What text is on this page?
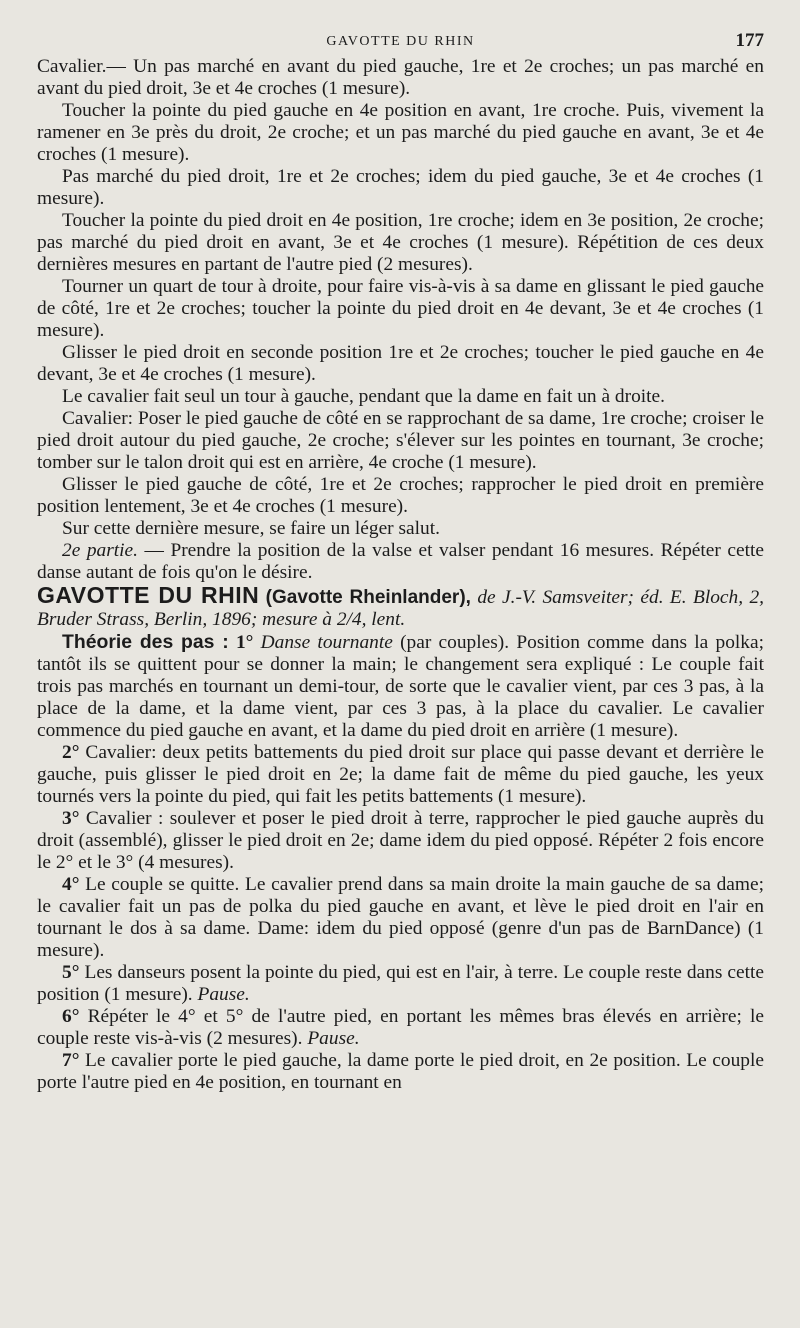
GAVOTTE DU RHIN	177

Cavalier.— Un pas marché en avant du pied gauche, 1re et 2e croches; un pas marché en avant du pied droit, 3e et 4e croches (1 mesure).

Toucher la pointe du pied gauche en 4e position en avant, 1re croche. Puis, vivement la ramener en 3e près du droit, 2e croche; et un pas marché du pied gauche en avant, 3e et 4e croches (1 mesure).

Pas marché du pied droit, 1re et 2e croches; idem du pied gauche, 3e et 4e croches (1 mesure).

Toucher la pointe du pied droit en 4e position, 1re croche; idem en 3e position, 2e croche; pas marché du pied droit en avant, 3e et 4e croches (1 mesure). Répétition de ces deux dernières mesures en partant de l'autre pied (2 mesures).

Tourner un quart de tour à droite, pour faire vis-à-vis à sa dame en glissant le pied gauche de côté, 1re et 2e croches; toucher la pointe du pied droit en 4e devant, 3e et 4e croches (1 mesure).

Glisser le pied droit en seconde position 1re et 2e croches; toucher le pied gauche en 4e devant, 3e et 4e croches (1 mesure).

Le cavalier fait seul un tour à gauche, pendant que la dame en fait un à droite.

Cavalier: Poser le pied gauche de côté en se rapprochant de sa dame, 1re croche; croiser le pied droit autour du pied gauche, 2e croche; s'élever sur les pointes en tournant, 3e croche; tomber sur le talon droit qui est en arrière, 4e croche (1 mesure).

Glisser le pied gauche de côté, 1re et 2e croches; rapprocher le pied droit en première position lentement, 3e et 4e croches (1 mesure).

Sur cette dernière mesure, se faire un léger salut.

2e partie. — Prendre la position de la valse et valser pendant 16 mesures. Répéter cette danse autant de fois qu'on le désire.

GAVOTTE DU RHIN (Gavotte Rheinlander), de J.-V. Samsveiter; éd. E. Bloch, 2, Bruder Strass, Berlin, 1896; mesure à 2/4, lent.

Théorie des pas : 1° Danse tournante (par couples). Position comme dans la polka; tantôt ils se quittent pour se donner la main; le changement sera expliqué : Le couple fait trois pas marchés en tournant un demi-tour, de sorte que le cavalier vient, par ces 3 pas, à la place de la dame, et la dame vient, par ces 3 pas, à la place du cavalier. Le cavalier commence du pied gauche en avant, et la dame du pied droit en arrière (1 mesure).

2° Cavalier: deux petits battements du pied droit sur place qui passe devant et derrière le gauche, puis glisser le pied droit en 2e; la dame fait de même du pied gauche, les yeux tournés vers la pointe du pied, qui fait les petits battements (1 mesure).

3° Cavalier : soulever et poser le pied droit à terre, rapprocher le pied gauche auprès du droit (assemblé), glisser le pied droit en 2e; dame idem du pied opposé. Répéter 2 fois encore le 2° et le 3° (4 mesures).

4° Le couple se quitte. Le cavalier prend dans sa main droite la main gauche de sa dame; le cavalier fait un pas de polka du pied gauche en avant, et lève le pied droit en l'air en tournant le dos à sa dame. Dame: idem du pied opposé (genre d'un pas de BarnDance) (1 mesure).

5° Les danseurs posent la pointe du pied, qui est en l'air, à terre. Le couple reste dans cette position (1 mesure). Pause.

6° Répéter le 4° et 5° de l'autre pied, en portant les mêmes bras élevés en arrière; le couple reste vis-à-vis (2 mesures). Pause.

7° Le cavalier porte le pied gauche, la dame porte le pied droit, en 2e position. Le couple porte l'autre pied en 4e position, en tournant en
